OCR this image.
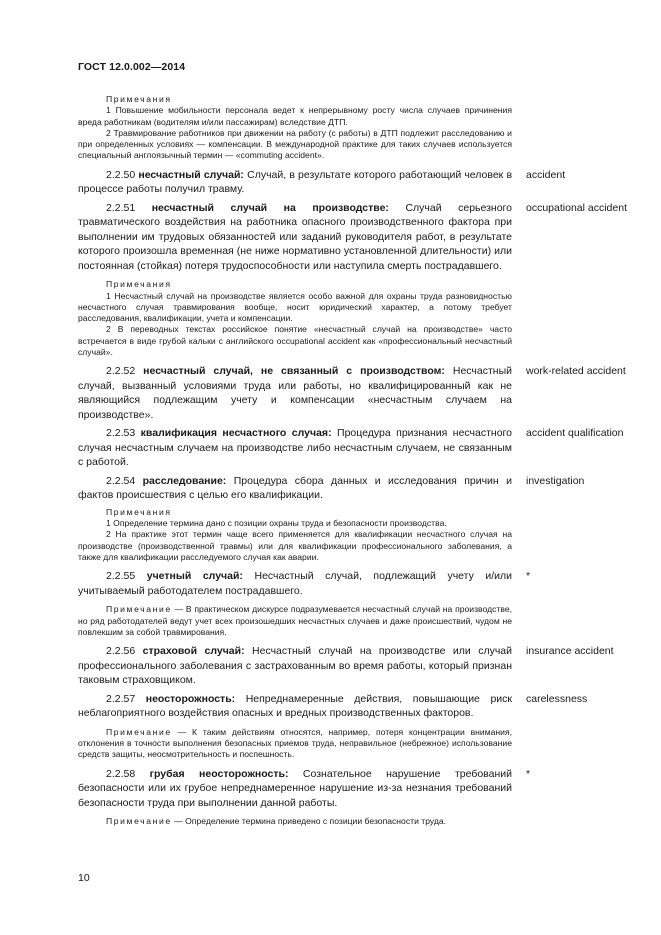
ГОСТ 12.0.002—2014

Примечания

1 Повышение мобильности персонала ведет к непрерывному росту числа случаев причинения вреда работникам (водителям и/или пассажирам) вследствие ДТП.

2 Травмирование работников при движении на работу (с работы) в ДТП подлежит расследованию и при определенных условиях — компенсации. В международной практике для таких случаев используется специальный англоязычный термин — «commuting accident».

2.2.50 несчастный случай: Случай, в результате которого работающий человек в процессе работы получил травму.

2.2.51 несчастный случай на производстве: Случай серьезного травматического воздействия на работника опасного производственного фактора при выполнении им трудовых обязанностей или заданий руководителя работ, в результате которого произошла временная (не ниже нормативно установленной длительности) или постоянная (стойкая) потеря трудоспособности или наступила смерть пострадавшего.

Примечания

1 Несчастный случай на производстве является особо важной для охраны труда разновидностью несчастного случая травмирования вообще, носит юридический характер, а потому требует расследования, квалификации, учета и компенсации.

2 В переводных текстах российское понятие «несчастный случай на производстве» часто встречается в виде грубой кальки с английского occupational accident как «профессиональный несчастный случай».

2.2.52 несчастный случай, не связанный с производством: Несчастный случай, вызванный условиями труда или работы, но квалифицированный как не являющийся подлежащим учету и компенсации «несчастным случаем на производстве».

2.2.53 квалификация несчастного случая: Процедура признания несчастного случая несчастным случаем на производстве либо несчастным случаем, не связанным с работой.

2.2.54 расследование: Процедура сбора данных и исследования причин и фактов происшествия с целью его квалификации.

Примечания

1 Определение термина дано с позиции охраны труда и безопасности производства.

2 На практике этот термин чаще всего применяется для квалификации несчастного случая на производстве (производственной травмы) или для квалификации профессионального заболевания, а также для квалификации расследуемого случая как аварии.

2.2.55 учетный случай: Несчастный случай, подлежащий учету и/или учитываемый работодателем пострадавшего.

Примечание — В практическом дискурсе подразумевается несчастный случай на производстве, но ряд работодателей ведут учет всех произошедших несчастных случаев и даже происшествий, чудом не повлекшим за собой травмирования.

2.2.56 страховой случай: Несчастный случай на производстве или случай профессионального заболевания с застрахованным во время работы, который признан таковым страховщиком.

2.2.57 неосторожность: Непреднамеренные действия, повышающие риск неблагоприятного воздействия опасных и вредных производственных факторов.

Примечание — К таким действиям относятся, например, потеря концентрации внимания, отклонения в точности выполнения безопасных приемов труда, неправильное (небрежное) использование средств защиты, неосмотрительность и поспешность.

2.2.58 грубая неосторожность: Сознательное нарушение требований безопасности или их грубое непреднамеренное нарушение из-за незнания требований безопасности труда при выполнении данной работы.

Примечание — Определение термина приведено с позиции безопасности труда.

accident
occupational accident
work-related accident
accident qualification
investigation
*
insurance accident
carelessness
*
10
